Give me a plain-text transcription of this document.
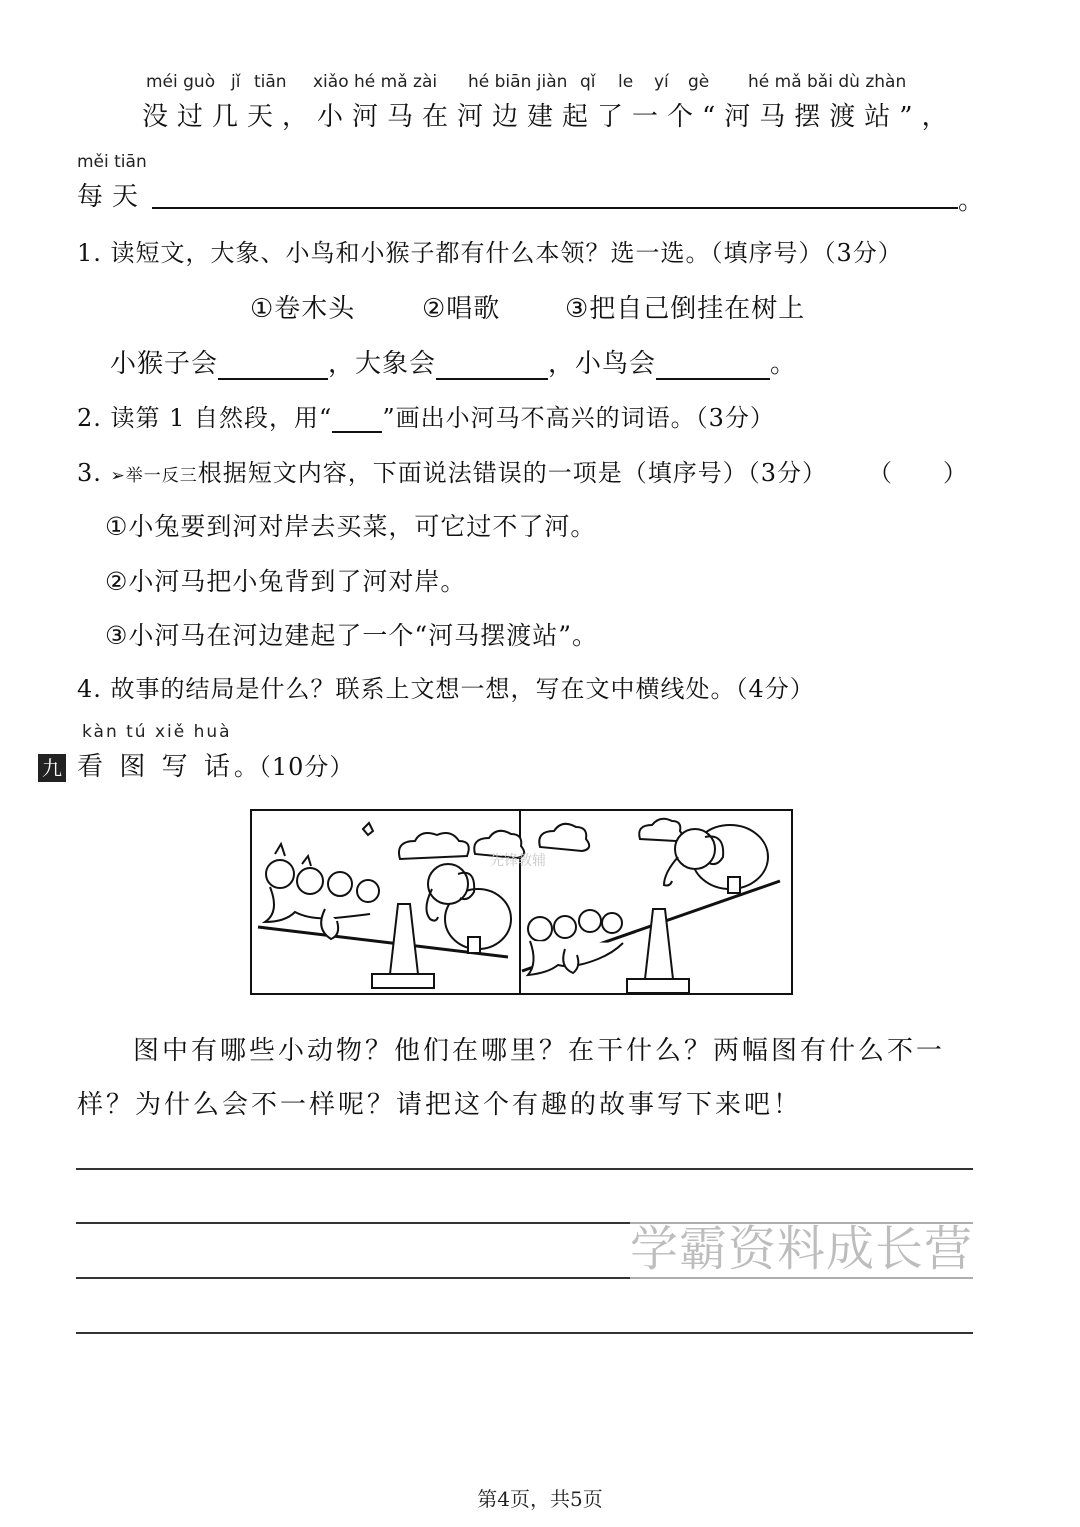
méi guò jǐ tiān xiǎo hé mǎ zài hé biān jiàn qǐ le yí gè hé mǎ bǎi dù zhàn
没过几天，小河马在河边建起了一个“河马摆渡站”，
měi tiān
每天	。
1. 读短文，大象、小鸟和小猴子都有什么本领？选一选。（填序号）（3分）
①卷木头	②唱歌 ③把自己倒挂在树上
小猴子会	，大象会	，小鸟会	。
2. 读第 1 自然段，用“ ”画出小河马不高兴的词语。（3分）
3. ➢举一反三根据短文内容，下面说法错误的一项是（填序号）（3分） （　　）
①小兔要到河对岸去买菜，可它过不了河。
②小河马把小兔背到了河对岸。
③小河马在河边建起了一个“河马摆渡站”。
4. 故事的结局是什么？联系上文想一想，写在文中横线处。（4分）
kàn tú xiě huà
九 看 图 写 话。（10分）
先锋教辅
图中有哪些小动物？他们在哪里？在干什么？两幅图有什么不一
样？为什么会不一样呢？请把这个有趣的故事写下来吧！
学霸资料成长营
第4页，共5页
